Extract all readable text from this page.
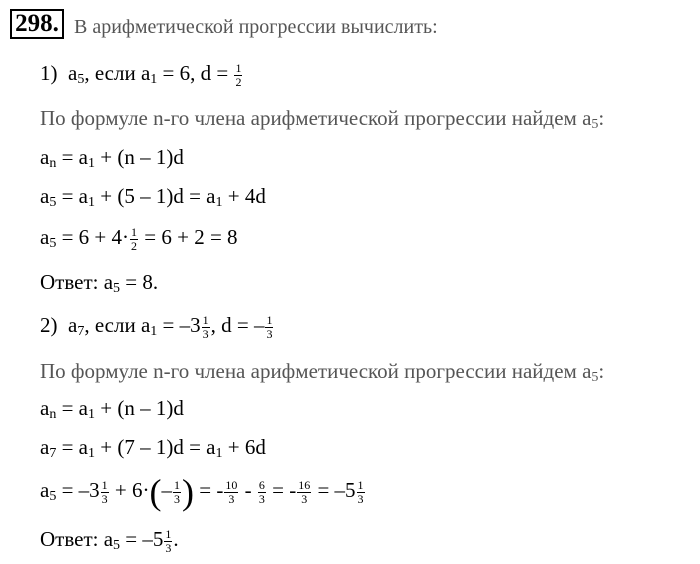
298. В арифметической прогрессии вычислить:
1) $a_5$, если $a_1 = 6$, $d = \frac{1}{2}$
По формуле n-го члена арифметической прогрессии найдем $a_5$:
$a_n = a_1 + (n - 1)d$
$a_5 = a_1 + (5 - 1)d = a_1 + 4d$
$a_5 = 6 + 4\cdot \frac{1}{2} = 6 + 2 = 8$
Ответ: $a_5 = 8$.
2) $a_7$, если $a_1 = -3 \frac{1}{3}$ , d = – $\frac{1}{3}$
По формуле n-го члена арифметической прогрессии найдем $a_5$:
$a_n = a_1 + (n - 1)d$
$a_7 = a_1 + (7 - 1)d = a_1 + 6d$
$a_5 = -3 \frac{1}{3} + 6\cdot(- \frac{1}{3}$ ) = - $\frac{10}{3} - \frac{6}{3}$ = - $\frac{16}{3} = -5 \frac{1}{3}$
Ответ: $a_5 = -5 \frac{1}{3}$ .
